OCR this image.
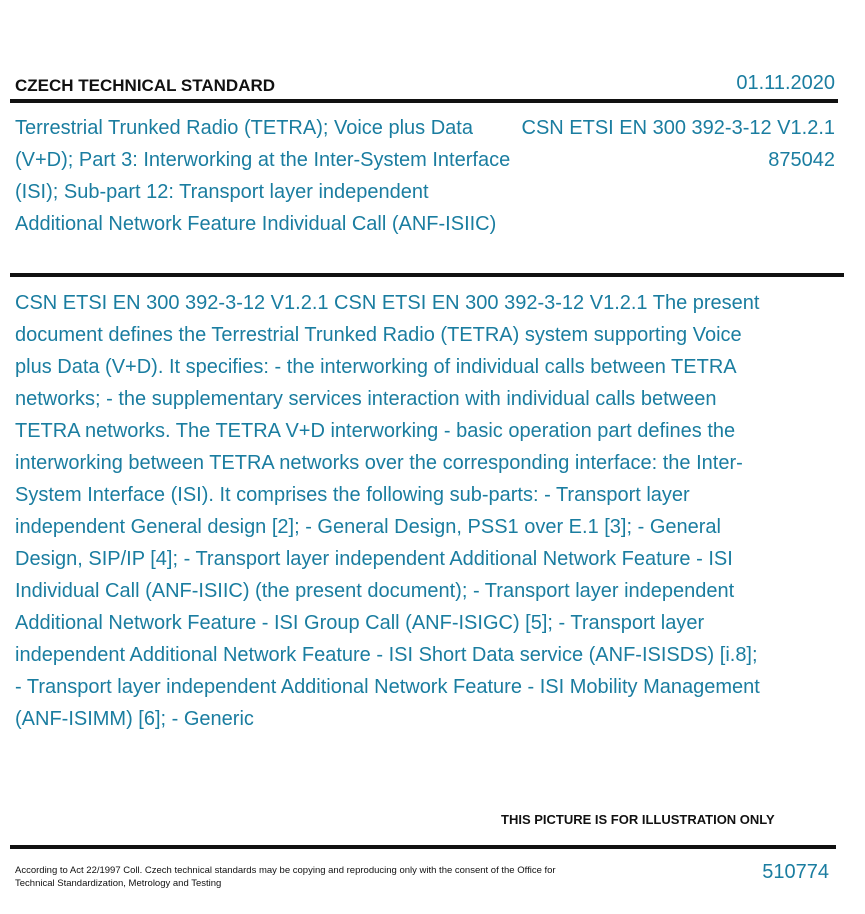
CZECH TECHNICAL STANDARD	01.11.2020

Terrestrial Trunked Radio (TETRA); Voice plus Data (V+D); Part 3: Interworking at the Inter-System Interface (ISI); Sub-part 12: Transport layer independent Additional Network Feature Individual Call (ANF-ISIIC)

CSN ETSI EN 300 392-3-12 V1.2.1
875042

CSN ETSI EN 300 392-3-12 V1.2.1 CSN ETSI EN 300 392-3-12 V1.2.1 The present document defines the Terrestrial Trunked Radio (TETRA) system supporting Voice plus Data (V+D). It specifies: - the interworking of individual calls between TETRA networks; - the supplementary services interaction with individual calls between TETRA networks. The TETRA V+D interworking - basic operation part defines the interworking between TETRA networks over the corresponding interface: the Inter-System Interface (ISI). It comprises the following sub-parts: - Transport layer independent General design [2]; - General Design, PSS1 over E.1 [3]; - General Design, SIP/IP [4]; - Transport layer independent Additional Network Feature - ISI Individual Call (ANF-ISIIC) (the present document); - Transport layer independent Additional Network Feature - ISI Group Call (ANF-ISIGC) [5]; - Transport layer independent Additional Network Feature - ISI Short Data service (ANF-ISISDS) [i.8]; - Transport layer independent Additional Network Feature - ISI Mobility Management (ANF-ISIMM) [6]; - Generic

THIS PICTURE IS FOR ILLUSTRATION ONLY

According to Act 22/1997 Coll. Czech technical standards may be copying and reproducing only with the consent of the Office for Technical Standardization, Metrology and Testing

510774
